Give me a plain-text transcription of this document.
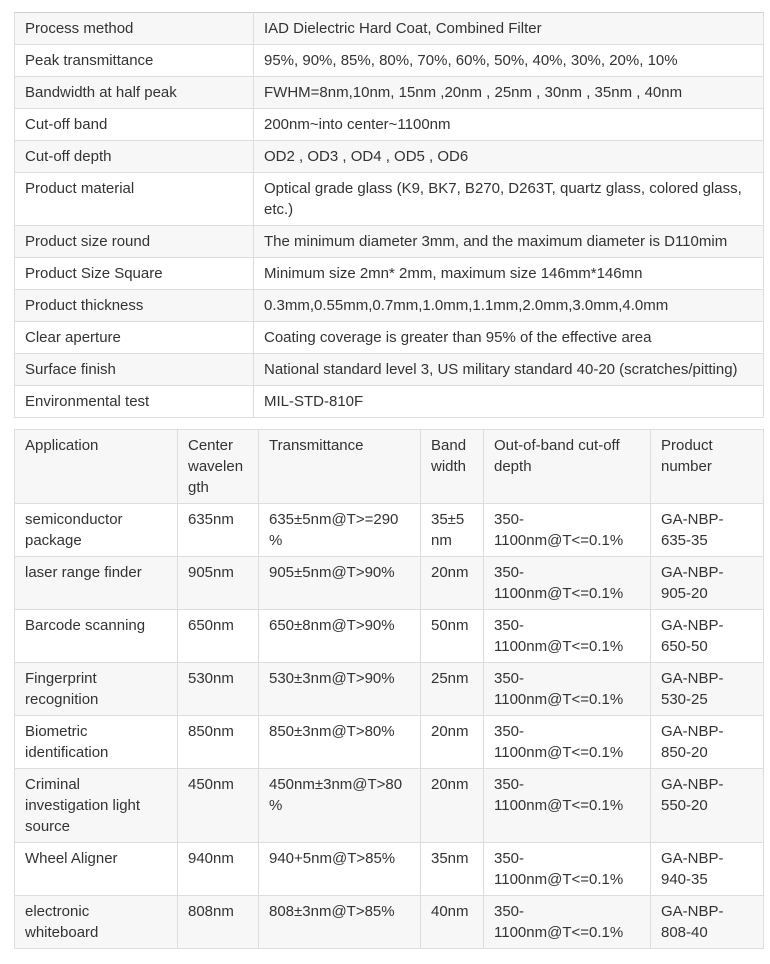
Process method	IAD Dielectric Hard Coat, Combined Filter
Peak transmittance	95%, 90%, 85%, 80%, 70%, 60%, 50%, 40%, 30%, 20%, 10%
Bandwidth at half peak	FWHM=8nm,10nm, 15nm ,20nm , 25nm , 30nm , 35nm , 40nm
Cut-off band	200nm~into center~1100nm
Cut-off depth	OD2 , OD3 , OD4 , OD5 , OD6
Product material	Optical grade glass (K9, BK7, B270, D263T, quartz glass, colored glass, etc.)
Product size round	The minimum diameter 3mm, and the maximum diameter is D110mim
Product Size Square	Minimum size 2mn* 2mm, maximum size 146mm*146mn
Product thickness	0.3mm,0.55mm,0.7mm,1.0mm,1.1mm,2.0mm,3.0mm,4.0mm
Clear aperture	Coating coverage is greater than 95% of the effective area
Surface finish	National standard level 3, US military standard 40-20 (scratches/pitting)
Environmental test	MIL-STD-810F
Application	Center wavelength	Transmittance	Band width	Out-of-band cut-off depth	Product number
semiconductor package	635nm	635±5nm@T>=290%	35±5nm	350-1100nm@T<=0.1%	GA-NBP-635-35
laser range finder	905nm	905±5nm@T>90%	20nm	350-1100nm@T<=0.1%	GA-NBP-905-20
Barcode scanning	650nm	650±8nm@T>90%	50nm	350-1100nm@T<=0.1%	GA-NBP-650-50
Fingerprint recognition	530nm	530±3nm@T>90%	25nm	350-1100nm@T<=0.1%	GA-NBP-530-25
Biometric identification	850nm	850±3nm@T>80%	20nm	350-1100nm@T<=0.1%	GA-NBP-850-20
Criminal investigation light source	450nm	450nm±3nm@T>80%	20nm	350-1100nm@T<=0.1%	GA-NBP-550-20
Wheel Aligner	940nm	940+5nm@T>85%	35nm	350-1100nm@T<=0.1%	GA-NBP-940-35
electronic whiteboard	808nm	808±3nm@T>85%	40nm	350-1100nm@T<=0.1%	GA-NBP-808-40
